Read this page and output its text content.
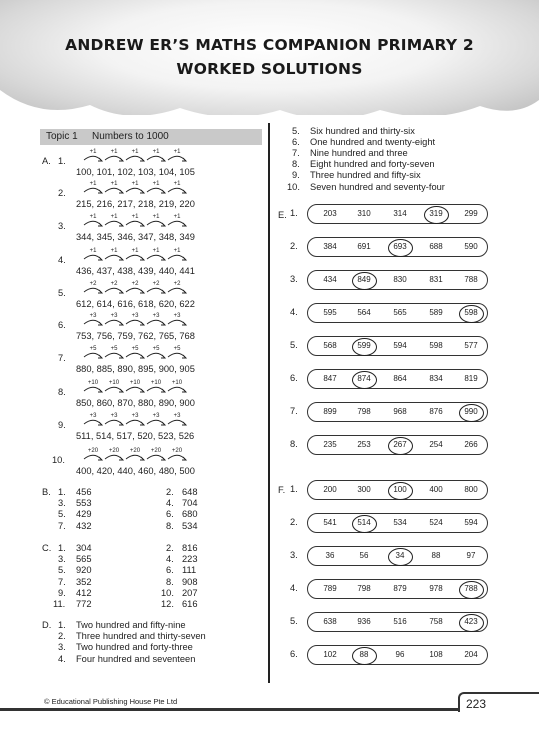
ANDREW ER’S MATHS COMPANION PRIMARY 2
WORKED SOLUTIONS
Topic 1 Numbers to 1000
A. 1.
+1 +1 +1 +1 +1
100, 101, 102, 103, 104, 105
2.
+1 +1 +1 +1 +1
215, 216, 217, 218, 219, 220
3.
+1 +1 +1 +1 +1
344, 345, 346, 347, 348, 349
4.
+1 +1 +1 +1 +1
436, 437, 438, 439, 440, 441
5.
+2 +2 +2 +2 +2
612, 614, 616, 618, 620, 622
6.
+3 +3 +3 +3 +3
753, 756, 759, 762, 765, 768
7.
+5 +5 +5 +5 +5
880, 885, 890, 895, 900, 905
8.
+10 +10 +10 +10 +10
850, 860, 870, 880, 890, 900
9.
+3 +3 +3 +3 +3
511, 514, 517, 520, 523, 526
10.
+20 +20 +20 +20 +20
400, 420, 440, 460, 480, 500
B. 1. 456	2. 648
3. 553	4. 704
5. 429	6. 680
7. 432	8. 534
C. 1. 304	2. 816
3. 565	4. 223
5. 920	6. 111
7. 352	8. 908
9. 412	10. 207
11. 772	12. 616
D. 1. Two hundred and fifty-nine
2. Three hundred and thirty-seven
3. Two hundred and forty-three
4. Four hundred and seventeen
5. Six hundred and thirty-six
6. One hundred and twenty-eight
7. Nine hundred and three
8. Eight hundred and forty-seven
9. Three hundred and fifty-six
10. Seven hundred and seventy-four
E. 1.	203	310	314	319	299
2.	384	691	693	688	590
3.	434	849	830	831	788
4.	595	564	565	589	598
5.	568	599	594	598	577
6.	847	874	864	834	819
7.	899	798	968	876	990
8.	235	253	267	254	266
F. 1.	200	300	100	400	800
2.	541	514	534	524	594
3.	36	56	34	88	97
4.	789	798	879	978	788
5.	638	936	516	758	423
6.	102	88	96	108	204
223
© Educational Publishing House Pte Ltd
